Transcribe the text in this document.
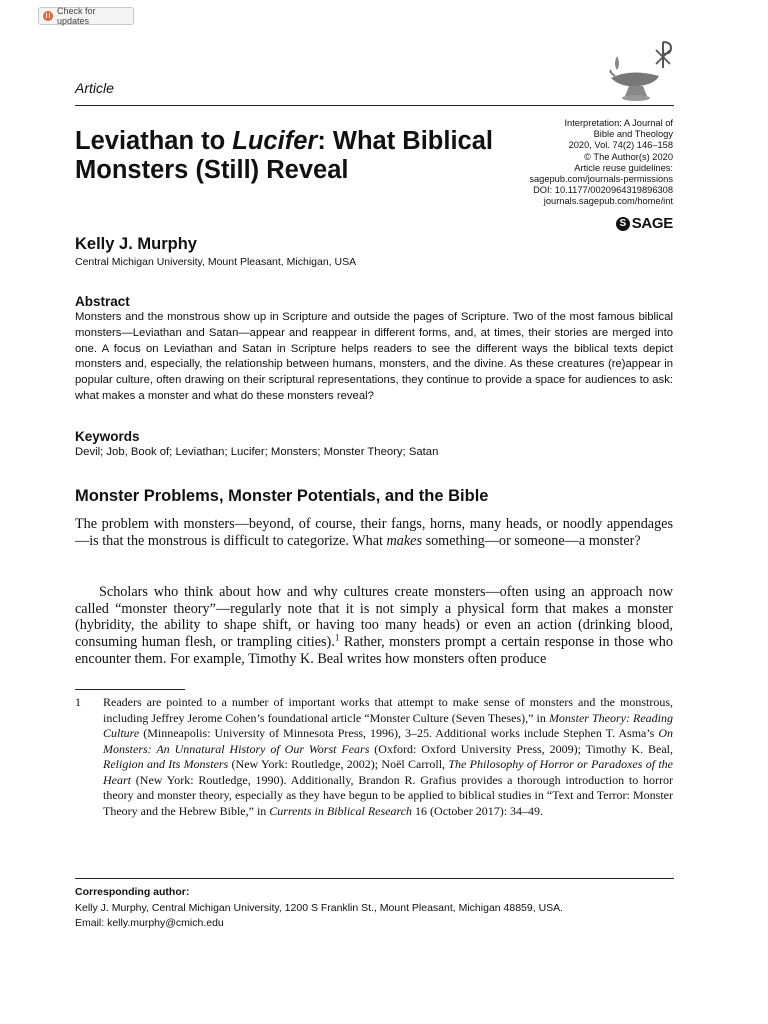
Check for updates
Article
Interpretation: A Journal of
Bible and Theology
2020, Vol. 74(2) 146–158
© The Author(s) 2020
Article reuse guidelines:
sagepub.com/journals-permissions
DOI: 10.1177/0020964319896308
journals.sagepub.com/home/int
S SAGE
Leviathan to Lucifer: What Biblical Monsters (Still) Reveal
Kelly J. Murphy
Central Michigan University, Mount Pleasant, Michigan, USA
Abstract
Monsters and the monstrous show up in Scripture and outside the pages of Scripture. Two of the most famous biblical monsters—Leviathan and Satan—appear and reappear in different forms, and, at times, their stories are merged into one. A focus on Leviathan and Satan in Scripture helps readers to see the different ways the biblical texts depict monsters and, especially, the relationship between humans, monsters, and the divine. As these creatures (re)appear in popular culture, often drawing on their scriptural representations, they continue to provide a space for audiences to ask: what makes a monster and what do these monsters reveal?
Keywords
Devil; Job, Book of; Leviathan; Lucifer; Monsters; Monster Theory; Satan
Monster Problems, Monster Potentials, and the Bible
The problem with monsters—beyond, of course, their fangs, horns, many heads, or noodly appendages—is that the monstrous is difficult to categorize. What makes something—or someone—a monster?
Scholars who think about how and why cultures create monsters—often using an approach now called “monster theory”—regularly note that it is not simply a physical form that makes a monster (hybridity, the ability to shape shift, or having too many heads) or even an action (drinking blood, consuming human flesh, or trampling cities).$^1$ Rather, monsters prompt a certain response in those who encounter them. For example, Timothy K. Beal writes how monsters often produce
1	Readers are pointed to a number of important works that attempt to make sense of monsters and the monstrous, including Jeffrey Jerome Cohen’s foundational article “Monster Culture (Seven Theses),” in Monster Theory: Reading Culture (Minneapolis: University of Minnesota Press, 1996), 3–25. Additional works include Stephen T. Asma’s On Monsters: An Unnatural History of Our Worst Fears (Oxford: Oxford University Press, 2009); Timothy K. Beal, Religion and Its Monsters (New York: Routledge, 2002); Noël Carroll, The Philosophy of Horror or Paradoxes of the Heart (New York: Routledge, 1990). Additionally, Brandon R. Grafius provides a thorough introduction to horror theory and monster theory, especially as they have begun to be applied to biblical studies in “Text and Terror: Monster Theory and the Hebrew Bible,” in Currents in Biblical Research 16 (October 2017): 34–49.
Corresponding author:
Kelly J. Murphy, Central Michigan University, 1200 S Franklin St., Mount Pleasant, Michigan 48859, USA.
Email: kelly.murphy@cmich.edu
